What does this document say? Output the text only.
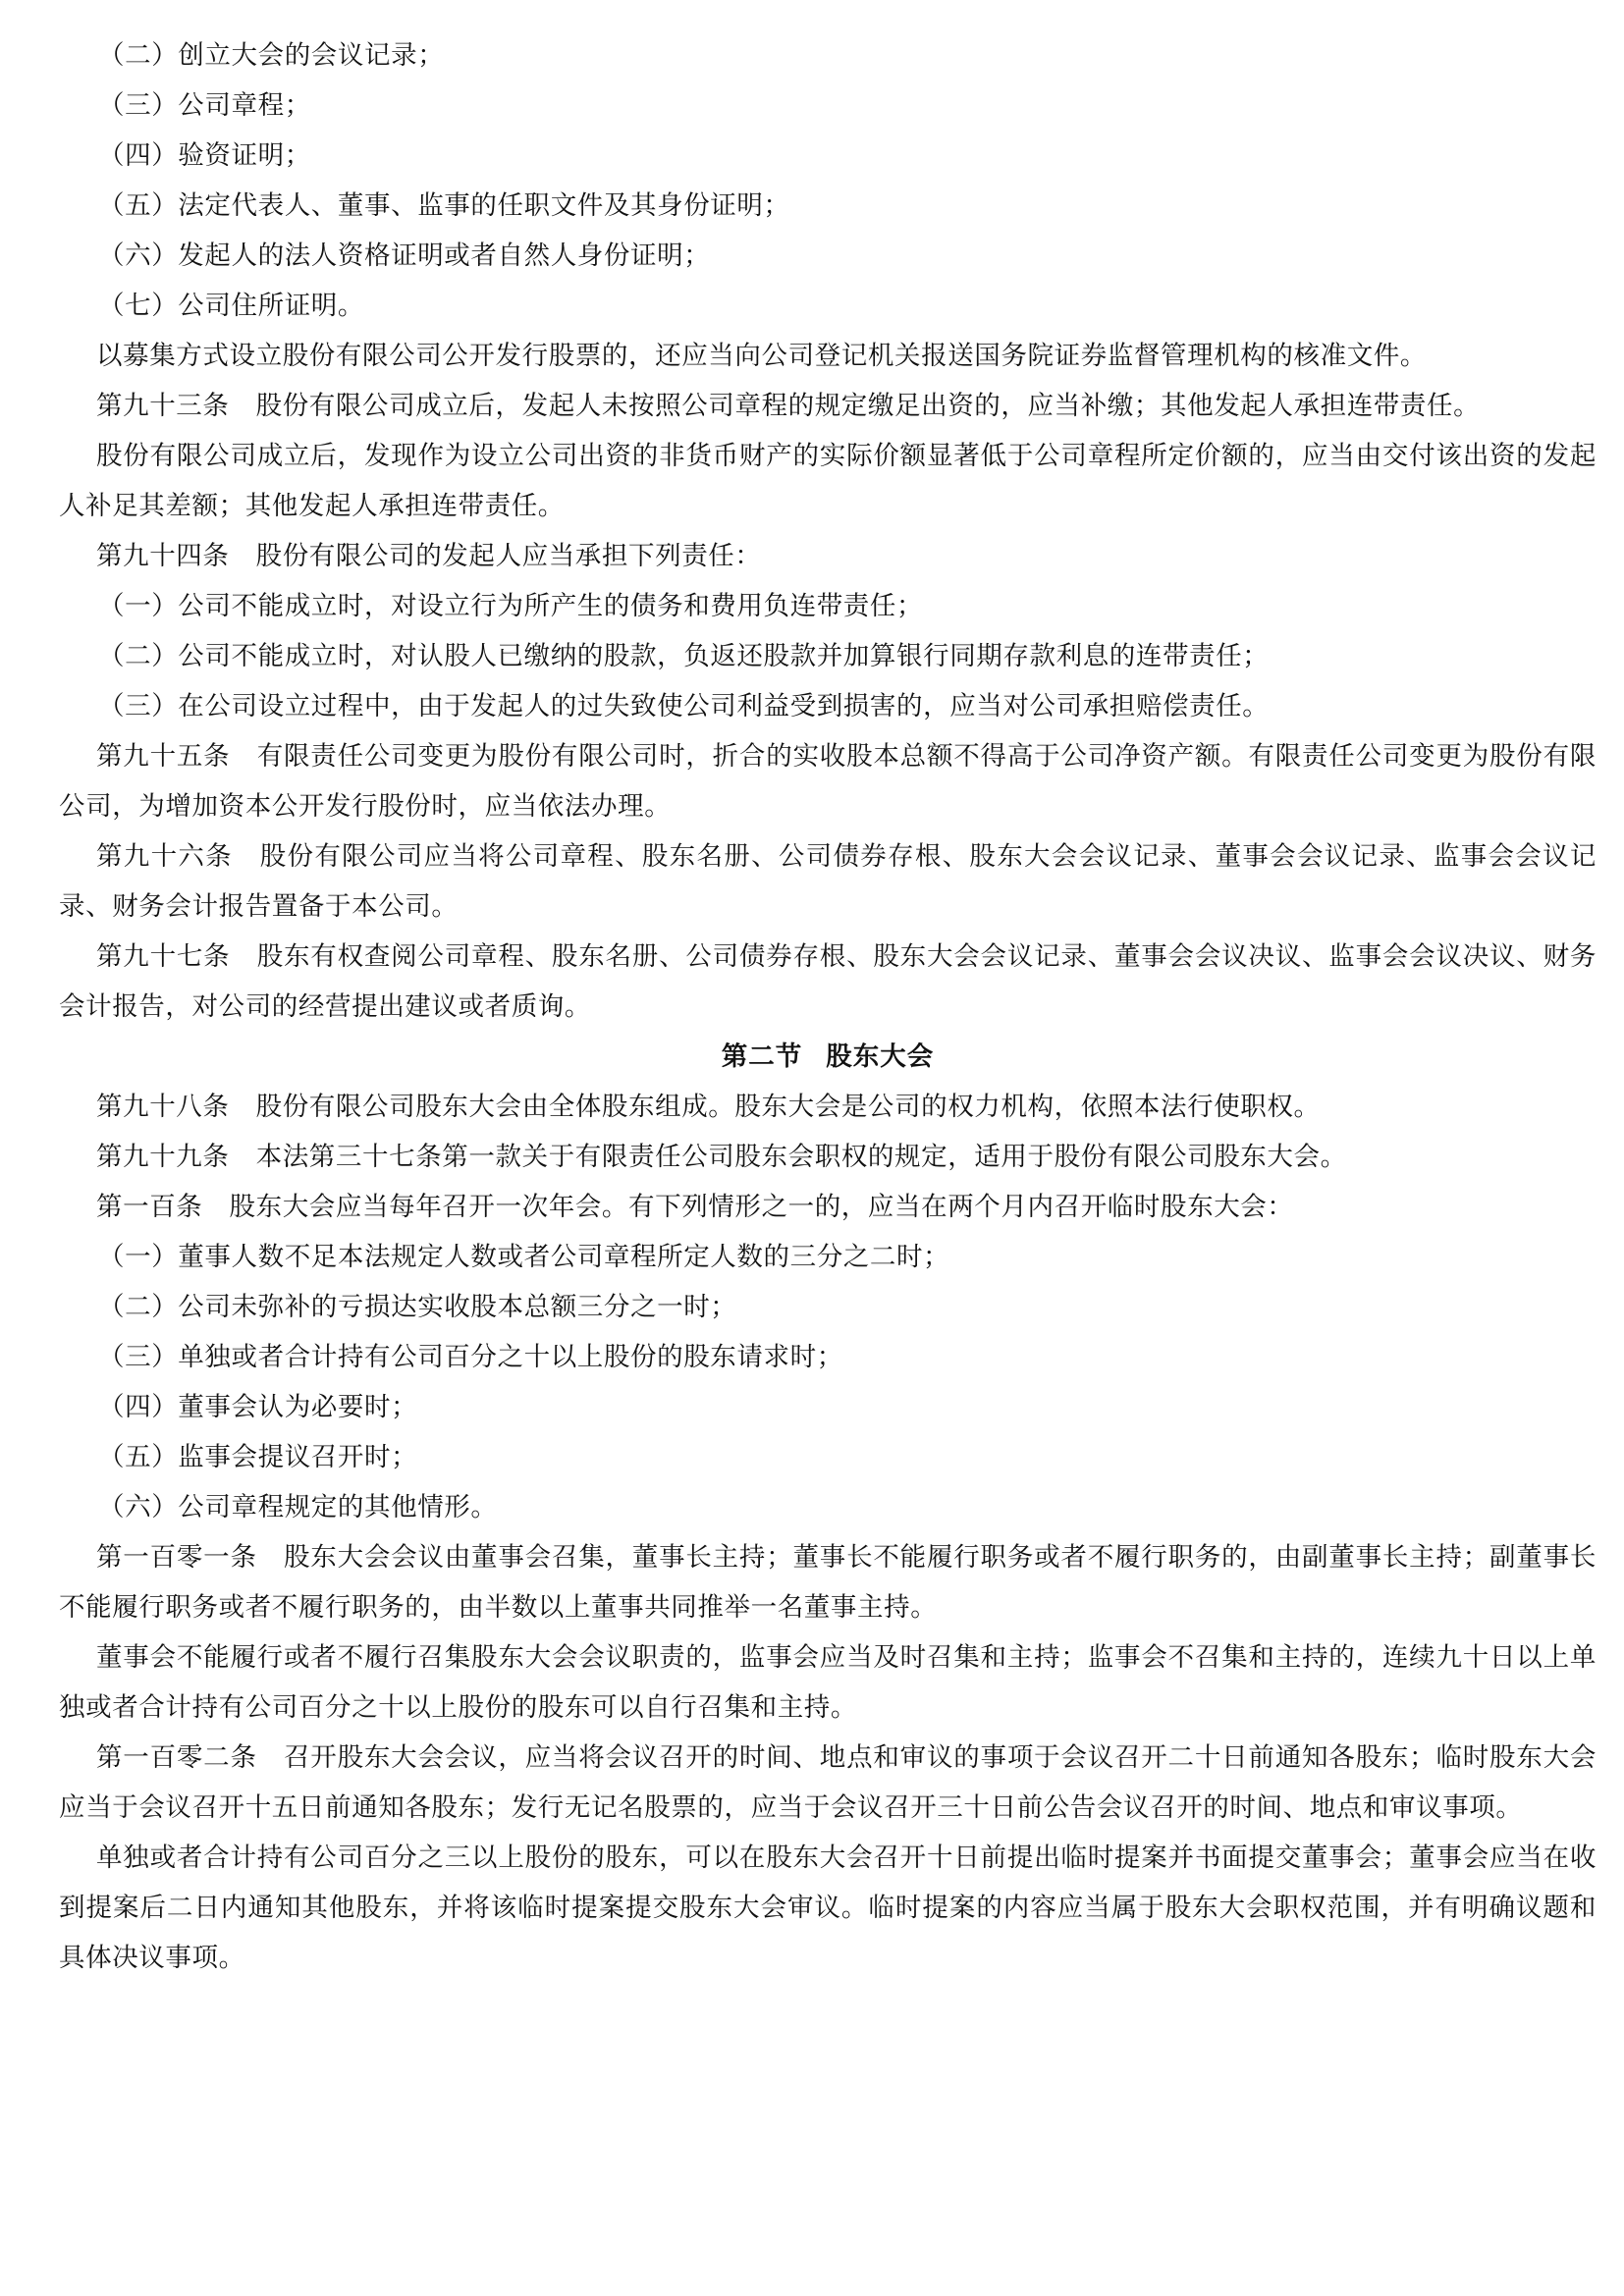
（二）创立大会的会议记录；

（三）公司章程；

（四）验资证明；

（五）法定代表人、董事、监事的任职文件及其身份证明；

（六）发起人的法人资格证明或者自然人身份证明；

（七）公司住所证明。

以募集方式设立股份有限公司公开发行股票的，还应当向公司登记机关报送国务院证券监督管理机构的核准文件。

第九十三条　股份有限公司成立后，发起人未按照公司章程的规定缴足出资的，应当补缴；其他发起人承担连带责任。

股份有限公司成立后，发现作为设立公司出资的非货币财产的实际价额显著低于公司章程所定价额的，应当由交付该出资的发起人补足其差额；其他发起人承担连带责任。

第九十四条　股份有限公司的发起人应当承担下列责任：

（一）公司不能成立时，对设立行为所产生的债务和费用负连带责任；

（二）公司不能成立时，对认股人已缴纳的股款，负返还股款并加算银行同期存款利息的连带责任；

（三）在公司设立过程中，由于发起人的过失致使公司利益受到损害的，应当对公司承担赔偿责任。

第九十五条　有限责任公司变更为股份有限公司时，折合的实收股本总额不得高于公司净资产额。有限责任公司变更为股份有限公司，为增加资本公开发行股份时，应当依法办理。

第九十六条　股份有限公司应当将公司章程、股东名册、公司债券存根、股东大会会议记录、董事会会议记录、监事会会议记录、财务会计报告置备于本公司。

第九十七条　股东有权查阅公司章程、股东名册、公司债券存根、股东大会会议记录、董事会会议决议、监事会会议决议、财务会计报告，对公司的经营提出建议或者质询。

第二节 股东大会

第九十八条　股份有限公司股东大会由全体股东组成。股东大会是公司的权力机构，依照本法行使职权。

第九十九条　本法第三十七条第一款关于有限责任公司股东会职权的规定，适用于股份有限公司股东大会。

第一百条　股东大会应当每年召开一次年会。有下列情形之一的，应当在两个月内召开临时股东大会：

（一）董事人数不足本法规定人数或者公司章程所定人数的三分之二时；

（二）公司未弥补的亏损达实收股本总额三分之一时；

（三）单独或者合计持有公司百分之十以上股份的股东请求时；

（四）董事会认为必要时；

（五）监事会提议召开时；

（六）公司章程规定的其他情形。

第一百零一条　股东大会会议由董事会召集，董事长主持；董事长不能履行职务或者不履行职务的，由副董事长主持；副董事长不能履行职务或者不履行职务的，由半数以上董事共同推举一名董事主持。

董事会不能履行或者不履行召集股东大会会议职责的，监事会应当及时召集和主持；监事会不召集和主持的，连续九十日以上单独或者合计持有公司百分之十以上股份的股东可以自行召集和主持。

第一百零二条　召开股东大会会议，应当将会议召开的时间、地点和审议的事项于会议召开二十日前通知各股东；临时股东大会应当于会议召开十五日前通知各股东；发行无记名股票的，应当于会议召开三十日前公告会议召开的时间、地点和审议事项。

单独或者合计持有公司百分之三以上股份的股东，可以在股东大会召开十日前提出临时提案并书面提交董事会；董事会应当在收到提案后二日内通知其他股东，并将该临时提案提交股东大会审议。临时提案的内容应当属于股东大会职权范围，并有明确议题和具体决议事项。
